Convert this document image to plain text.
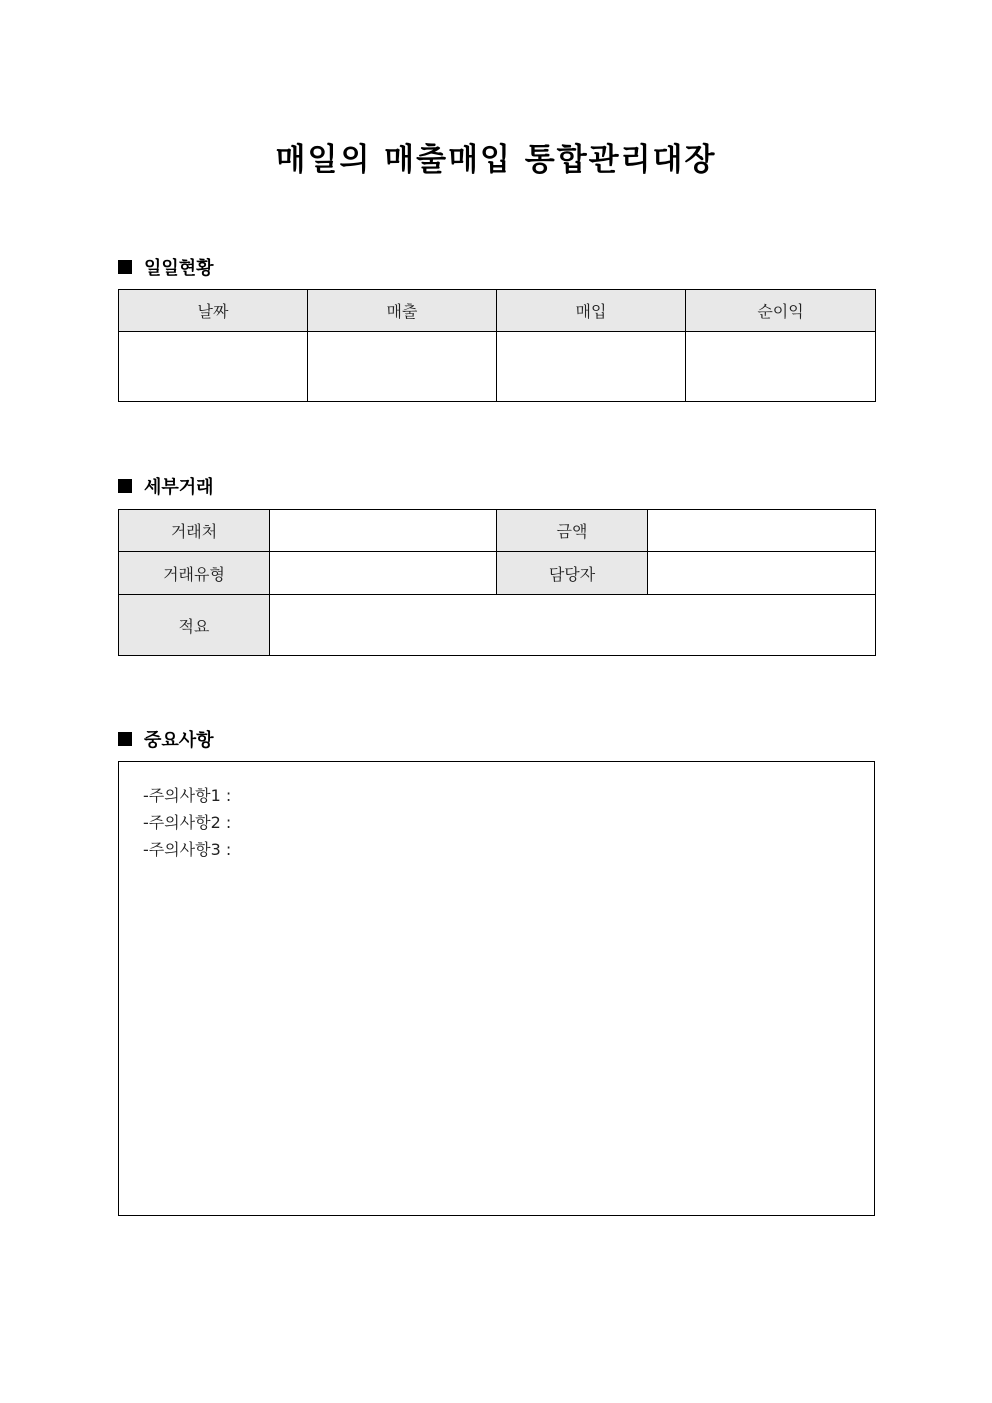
매일의 매출매입 통합관리대장
일일현황
날짜	매출	매입	순이익

세부거래
거래처		금액	
거래유형		담당자	
적요			
중요사항
-주의사항1 :
-주의사항2 :
-주의사항3 :
